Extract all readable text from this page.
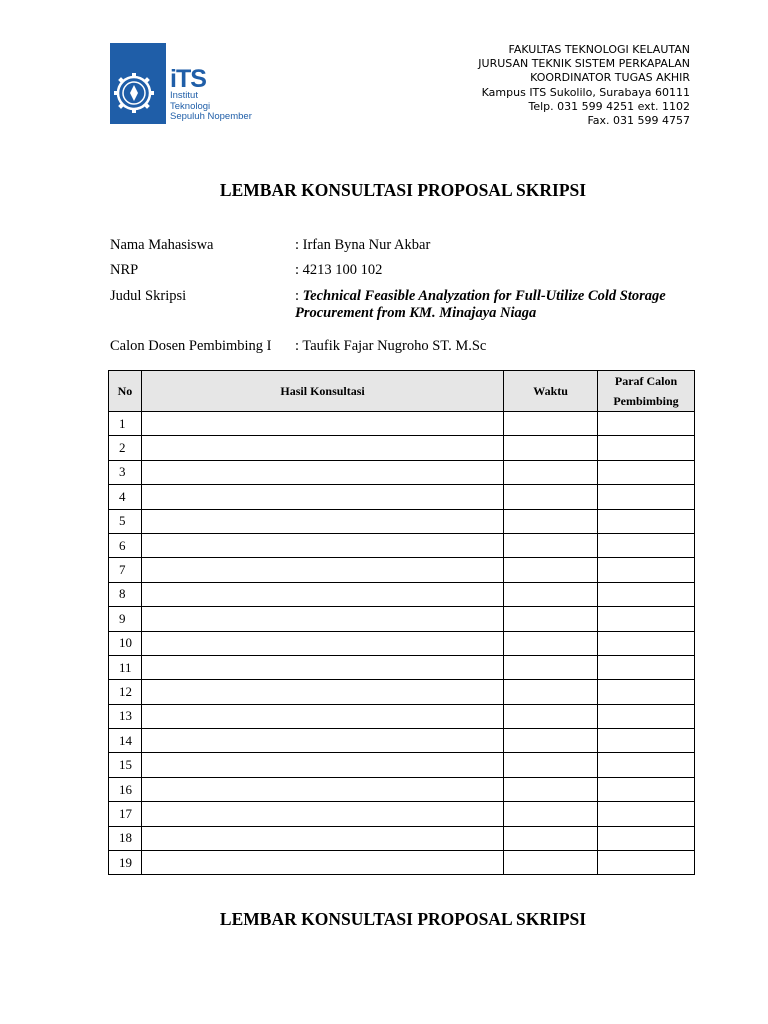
iTS
Institut
Teknologi
Sepuluh Nopember
FAKULTAS TEKNOLOGI KELAUTAN
JURUSAN TEKNIK SISTEM PERKAPALAN
KOORDINATOR TUGAS AKHIR
Kampus ITS Sukolilo, Surabaya 60111
Telp. 031 599 4251 ext. 1102
Fax. 031 599 4757
LEMBAR KONSULTASI PROPOSAL SKRIPSI
Nama Mahasiswa	: Irfan Byna Nur Akbar
NRP	: 4213 100 102
Judul Skripsi	: Technical Feasible Analyzation for Full-Utilize Cold Storage Procurement from KM. Minajaya Niaga
Calon Dosen Pembimbing I : Taufik Fajar Nugroho ST. M.Sc
No	Hasil Konsultasi	Waktu	Paraf Calon
Pembimbing

1			
2			
3			
4			
5			
6			
7			
8			
9			
10			
11			
12			
13			
14			
15			
16			
17			
18			
19			
LEMBAR KONSULTASI PROPOSAL SKRIPSI
